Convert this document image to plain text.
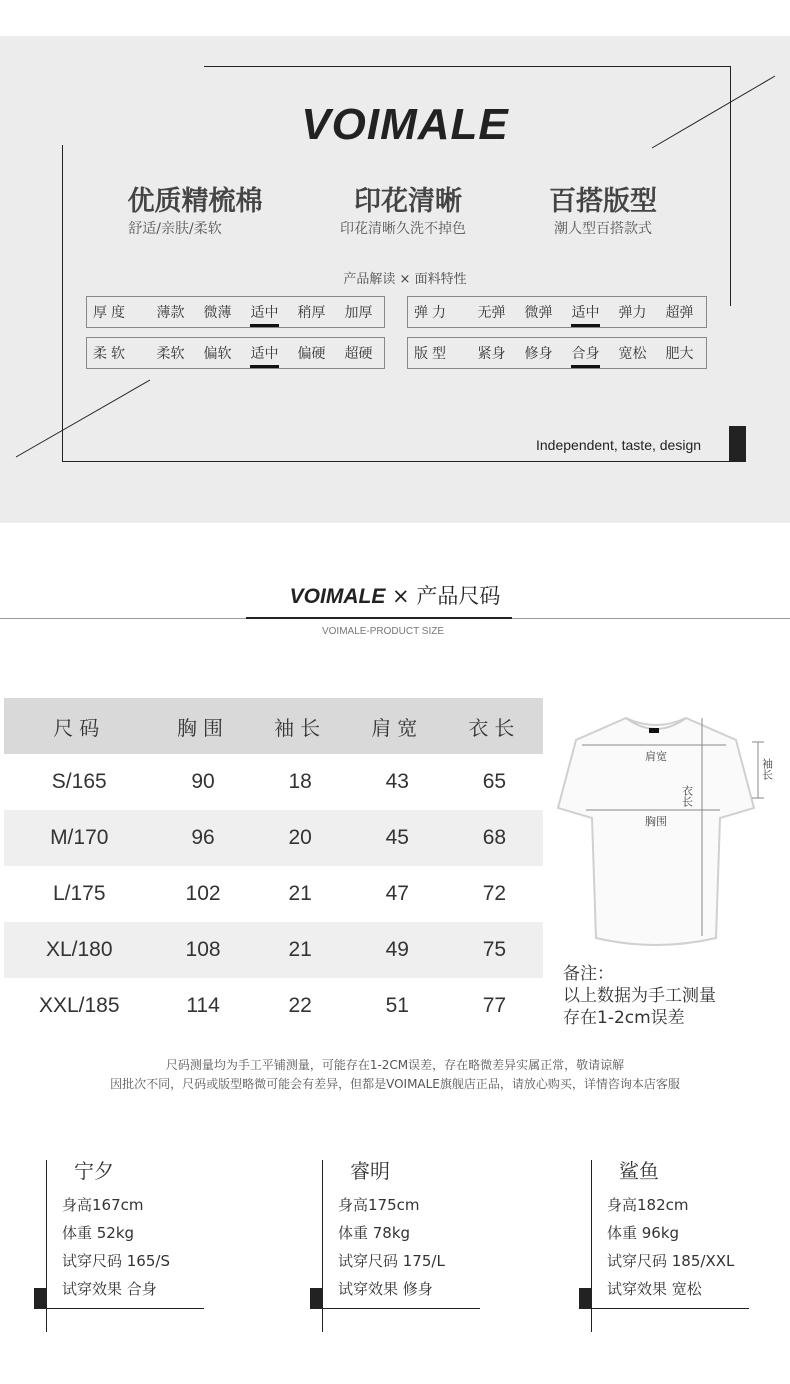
VOIMALE
优质精梳棉
舒适/亲肤/柔软
印花清晰
印花清晰久洗不掉色
百搭版型
潮人型百搭款式
产品解读 × 面料特性
厚度	薄款	微薄	适中	稍厚	加厚	弹力	无弹	微弹	适中	弹力	超弹
柔软	柔软	偏软	适中	偏硬	超硬	版型	紧身	修身	合身	宽松	肥大
Independent, taste, design
VOIMALE × 产品尺码
VOIMALE-PRODUCT SIZE
尺码	胸围	袖长	肩宽	衣长
S/165	90	18	43	65
M/170	96	20	45	68
L/175	102	21	47	72
XL/180	108	21	49	75
XXL/185	114	22	51	77
肩宽
胸围
衣长
袖长
备注：
以上数据为手工测量
存在1-2cm误差
尺码测量均为手工平铺测量，可能存在1-2CM误差，存在略微差异实属正常，敬请谅解
因批次不同，尺码或版型略微可能会有差异，但都是VOIMALE旗舰店正品，请放心购买，详情咨询本店客服
宁夕
身高167cm
体重 52kg
试穿尺码 165/S
试穿效果 合身
睿明
身高175cm
体重 78kg
试穿尺码 175/L
试穿效果 修身
鲨鱼
身高182cm
体重 96kg
试穿尺码 185/XXL
试穿效果 宽松
